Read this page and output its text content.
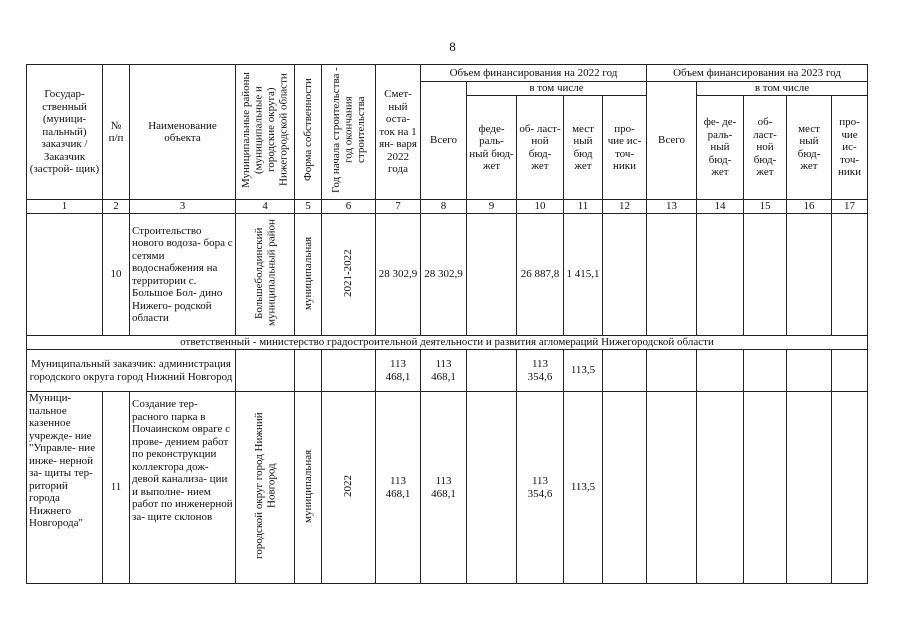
8
Государ- ственный (муници- пальный) заказчик / Заказчик (застрой- щик)	№ п/п	Наименование объекта	Муниципальные районы (муниципальные и городские округа) Нижегородской области	Форма собственности	Год начала строительства - год окончания строительства	Смет- ный оста- ток на 1 ян- варя 2022 года	Объем финансирования на 2022 год					Объем финансирования на 2023 год				
							Всего	в том числе				Всего	в том числе			
								феде- раль- ный бюд- жет	об- ласт- ной бюд- жет	мест ный бюд жет	про- чие ис- точ- ники		фе- де- раль- ный бюд- жет	об- ласт- ной бюд- жет	мест ный бюд- жет	про- чие ис- точ- ники
1	2	3	4	5	6	7	8	9	10	11	12	13	14	15	16	17
	10	Строительство нового водоза- бора с сетями водоснабжения на территории с. Большое Бол- дино Нижего- родской области	Большеболдинский муниципальный район	муниципальная	2021-2022	28 302,9	28 302,9		26 887,8	1 415,1						
ответственный - министерство градостроительной деятельности и развития агломераций Нижегородской области																
Муниципальный заказчик: администрация городского округа город Нижний Новгород						113 468,1	113 468,1		113 354,6	113,5						
Муници- пальное казенное учрежде- ние "Управле- ние инже- нерной за- щиты тер- риторий города Нижнего Новгорода"	11	Создание тер- расного парка в Почаинском овраге с прове- дением работ по реконструкции коллектора дож- девой канализа- ции и выполне- нием работ по инженерной за- щите склонов	городской округ город Нижний Новгород	муниципальная	2022	113 468,1	113 468,1		113 354,6	113,5						
